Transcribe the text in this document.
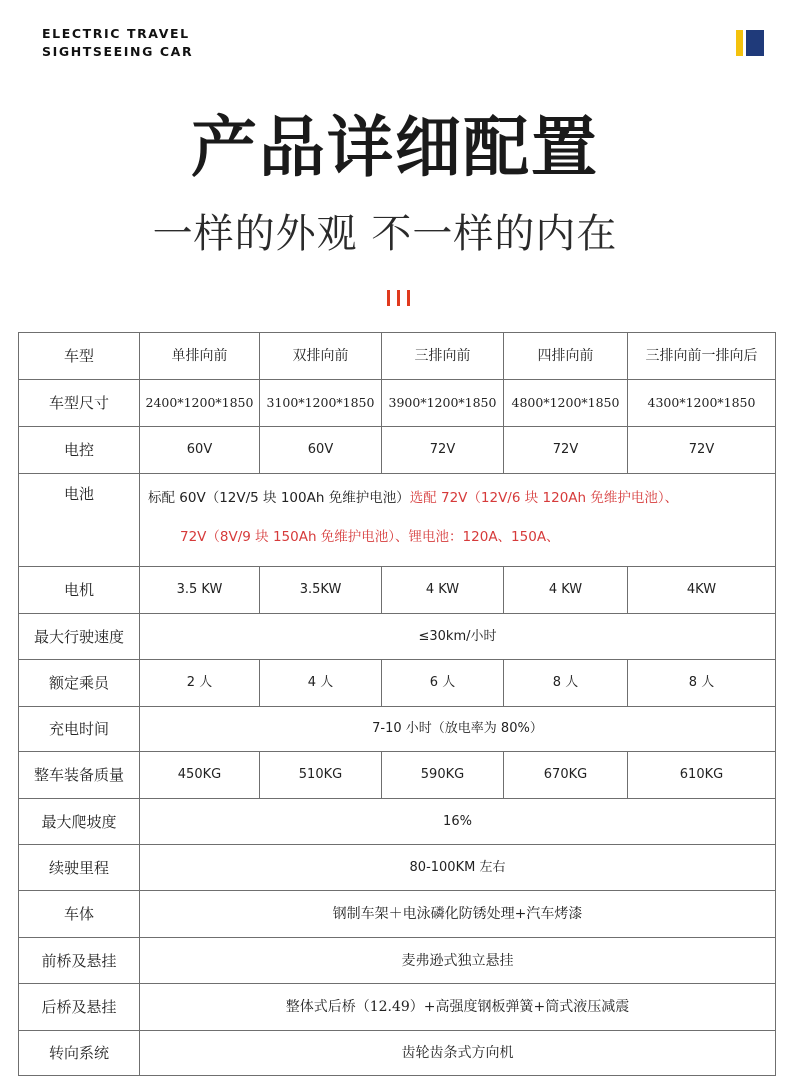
ELECTRIC TRAVEL
SIGHTSEEING CAR
产品详细配置
一样的外观 不一样的内在
车型	单排向前	双排向前	三排向前	四排向前	三排向前一排向后
车型尺寸	2400*1200*1850	3100*1200*1850	3900*1200*1850	4800*1200*1850	4300*1200*1850
电控	60V	60V	72V	72V	72V
电池	标配 60V（12V/5 块 100Ah 免维护电池）选配 72V（12V/6 块 120Ah 免维护电池）、
72V（8V/9 块 150Ah 免维护电池）、锂电池：120A、150A、				

电机	3.5 KW	3.5KW	4 KW	4 KW	4KW
最大行驶速度	≤30km/小时				
额定乘员	2 人	4 人	6 人	8 人	8 人
充电时间	7-10 小时（放电率为 80%）				
整车装备质量	450KG	510KG	590KG	670KG	610KG
最大爬坡度	16%				
续驶里程	80-100KM 左右				
车体	钢制车架＋电泳磷化防锈处理+汽车烤漆				
前桥及悬挂	麦弗逊式独立悬挂				
后桥及悬挂	整体式后桥（12.49）+高强度钢板弹簧+筒式液压减震				
转向系统	齿轮齿条式方向机				
